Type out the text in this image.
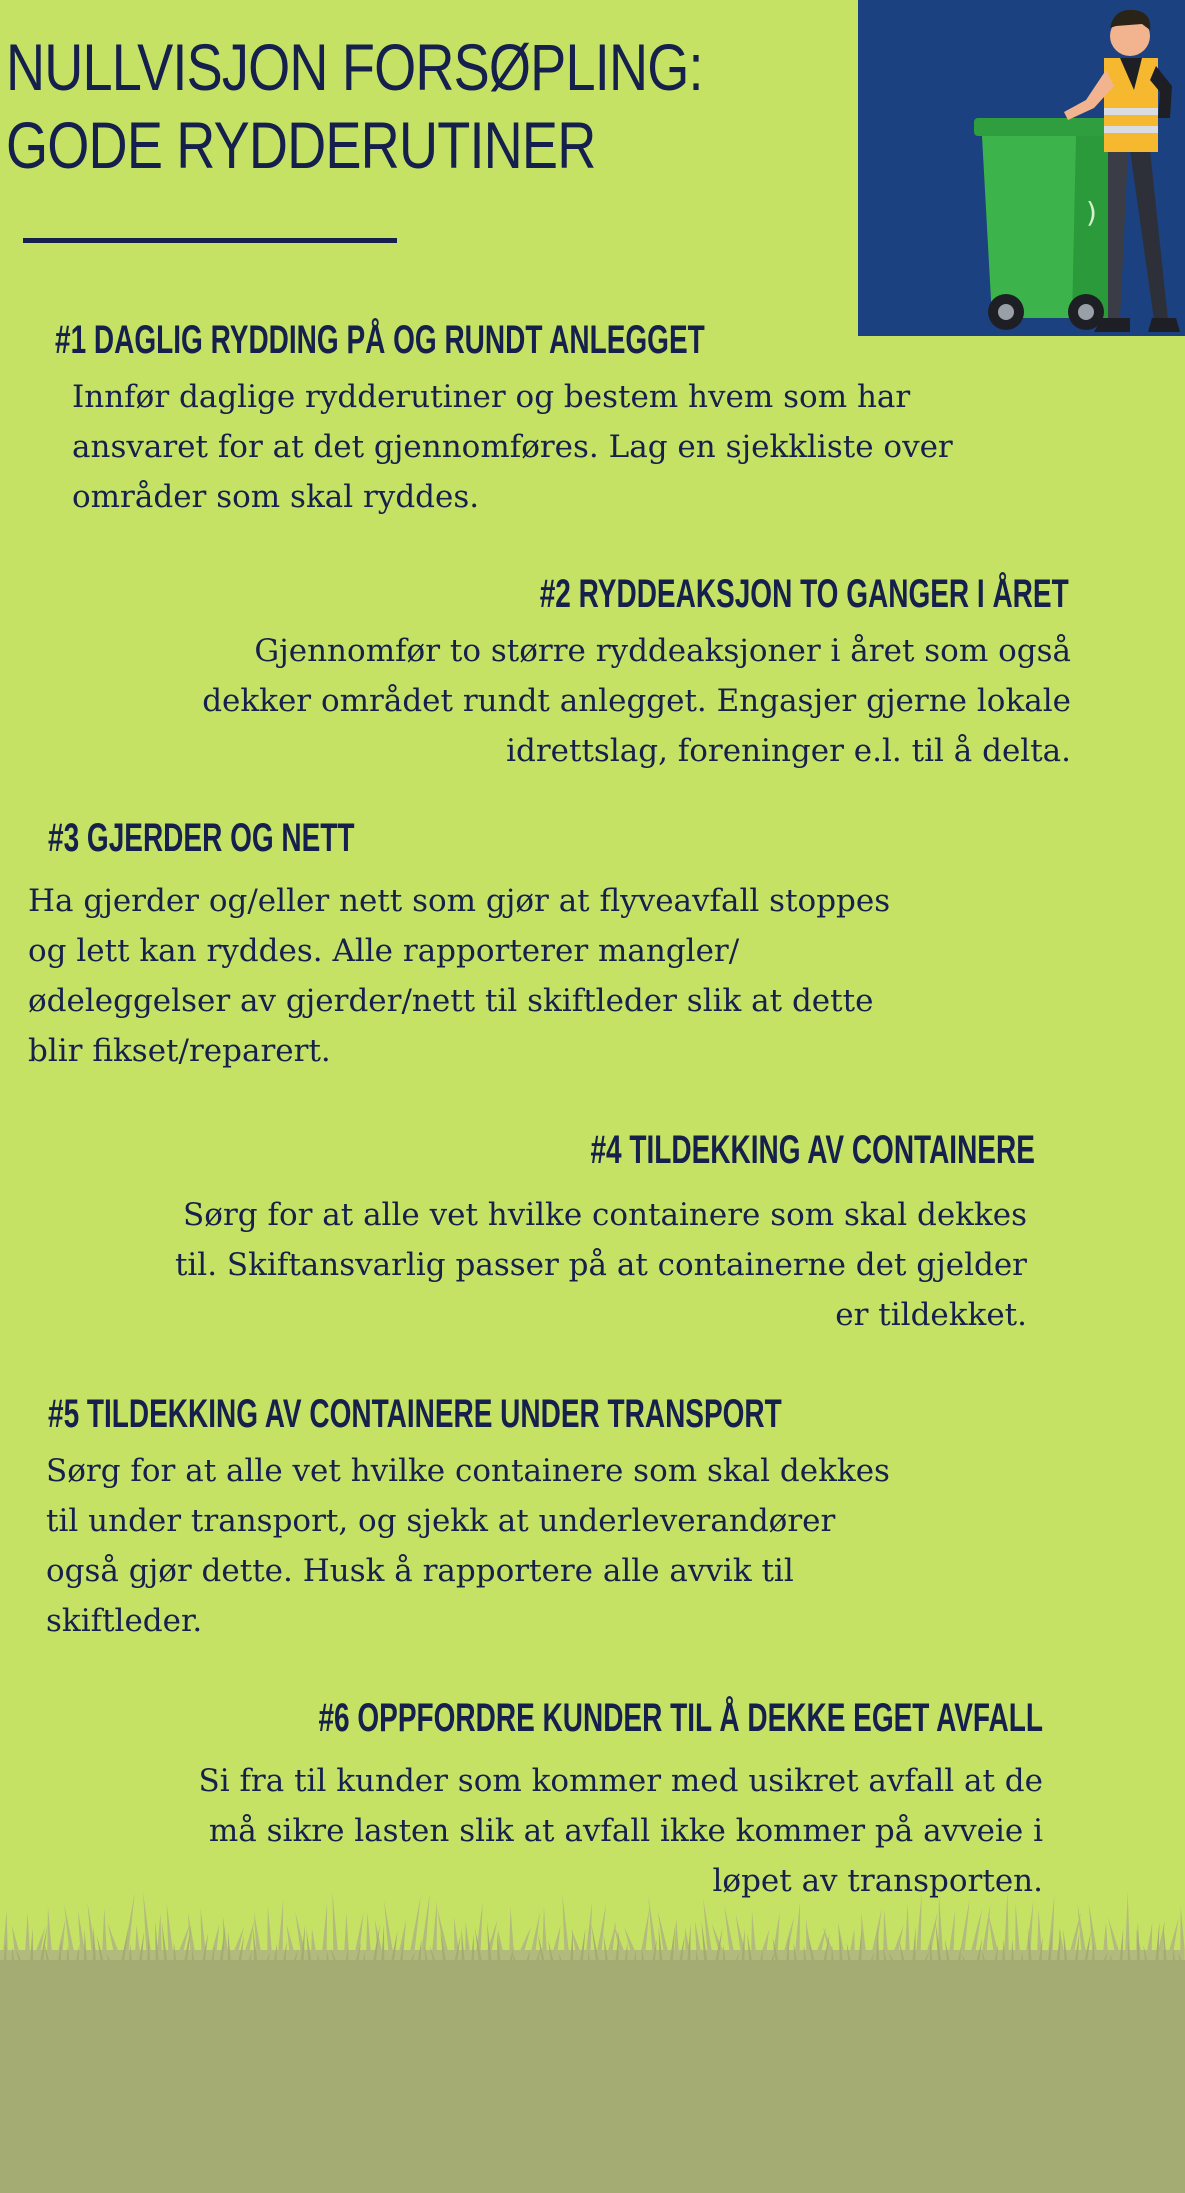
NULLVISJON FORSØPLING:
GODE RYDDERUTINER
)
#1 DAGLIG RYDDING PÅ OG RUNDT ANLEGGET

Innfør daglige rydderutiner og bestem hvem som har
ansvaret for at det gjennomføres. Lag en sjekkliste over
områder som skal ryddes.

#2 RYDDEAKSJON TO GANGER I ÅRET

Gjennomfør to større ryddeaksjoner i året som også
dekker området rundt anlegget. Engasjer gjerne lokale
idrettslag, foreninger e.l. til å delta.

#3 GJERDER OG NETT

Ha gjerder og/eller nett som gjør at flyveavfall stoppes
og lett kan ryddes. Alle rapporterer mangler/
ødeleggelser av gjerder/nett til skiftleder slik at dette
blir fikset/reparert.

#4 TILDEKKING AV CONTAINERE

Sørg for at alle vet hvilke containere som skal dekkes
til. Skiftansvarlig passer på at containerne det gjelder
er tildekket.

#5 TILDEKKING AV CONTAINERE UNDER TRANSPORT

Sørg for at alle vet hvilke containere som skal dekkes
til under transport, og sjekk at underleverandører
også gjør dette. Husk å rapportere alle avvik til
skiftleder.

#6 OPPFORDRE KUNDER TIL Å DEKKE EGET AVFALL

Si fra til kunder som kommer med usikret avfall at de
må sikre lasten slik at avfall ikke kommer på avveie i
løpet av transporten.
